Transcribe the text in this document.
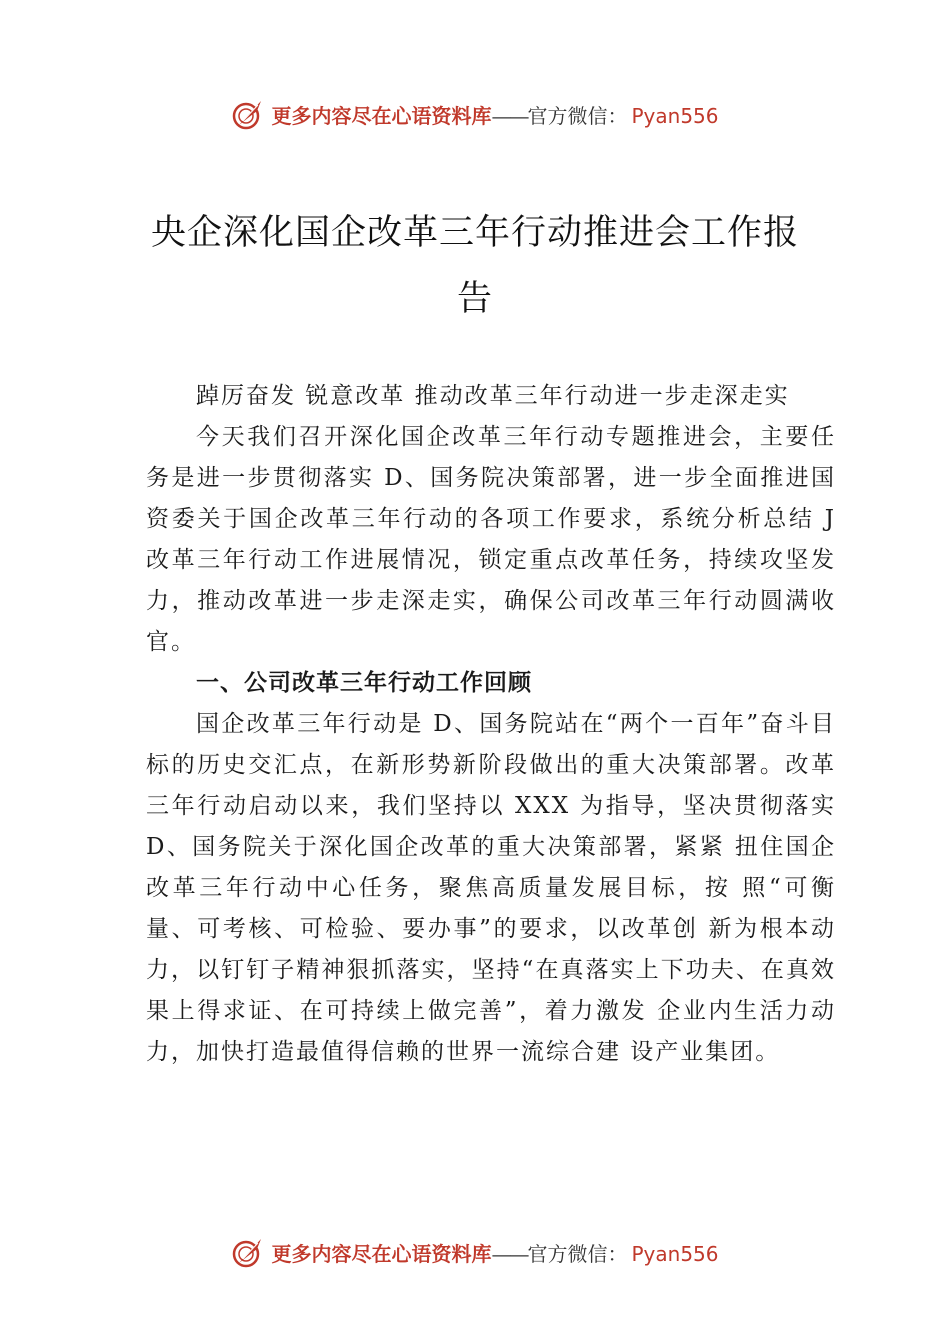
更多内容尽在心语资料库——官方微信： Pyan556
央企深化国企改革三年行动推进会工作报告

踔厉奋发 锐意改革 推动改革三年行动进一步走深走实

今天我们召开深化国企改革三年行动专题推进会，主要任务是进一步贯彻落实 D、国务院决策部署，进一步全面推进国资委关于国企改革三年行动的各项工作要求，系统分析总结 J 改革三年行动工作进展情况，锁定重点改革任务，持续攻坚发力，推动改革进一步走深走实，确保公司改革三年行动圆满收官。

一、公司改革三年行动工作回顾

国企改革三年行动是 D、国务院站在“两个一百年”奋斗目标的历史交汇点，在新形势新阶段做出的重大决策部署。改革三年行动启动以来，我们坚持以 XXX 为指导，坚决贯彻落实 D、国务院关于深化国企改革的重大决策部署，紧紧 扭住国企改革三年行动中心任务，聚焦高质量发展目标，按 照“可衡量、可考核、可检验、要办事”的要求，以改革创 新为根本动力，以钉钉子精神狠抓落实，坚持“在真落实上下功夫、在真效果上得求证、在可持续上做完善”，着力激发 企业内生活力动力，加快打造最值得信赖的世界一流综合建 设产业集团。

更多内容尽在心语资料库——官方微信： Pyan556
